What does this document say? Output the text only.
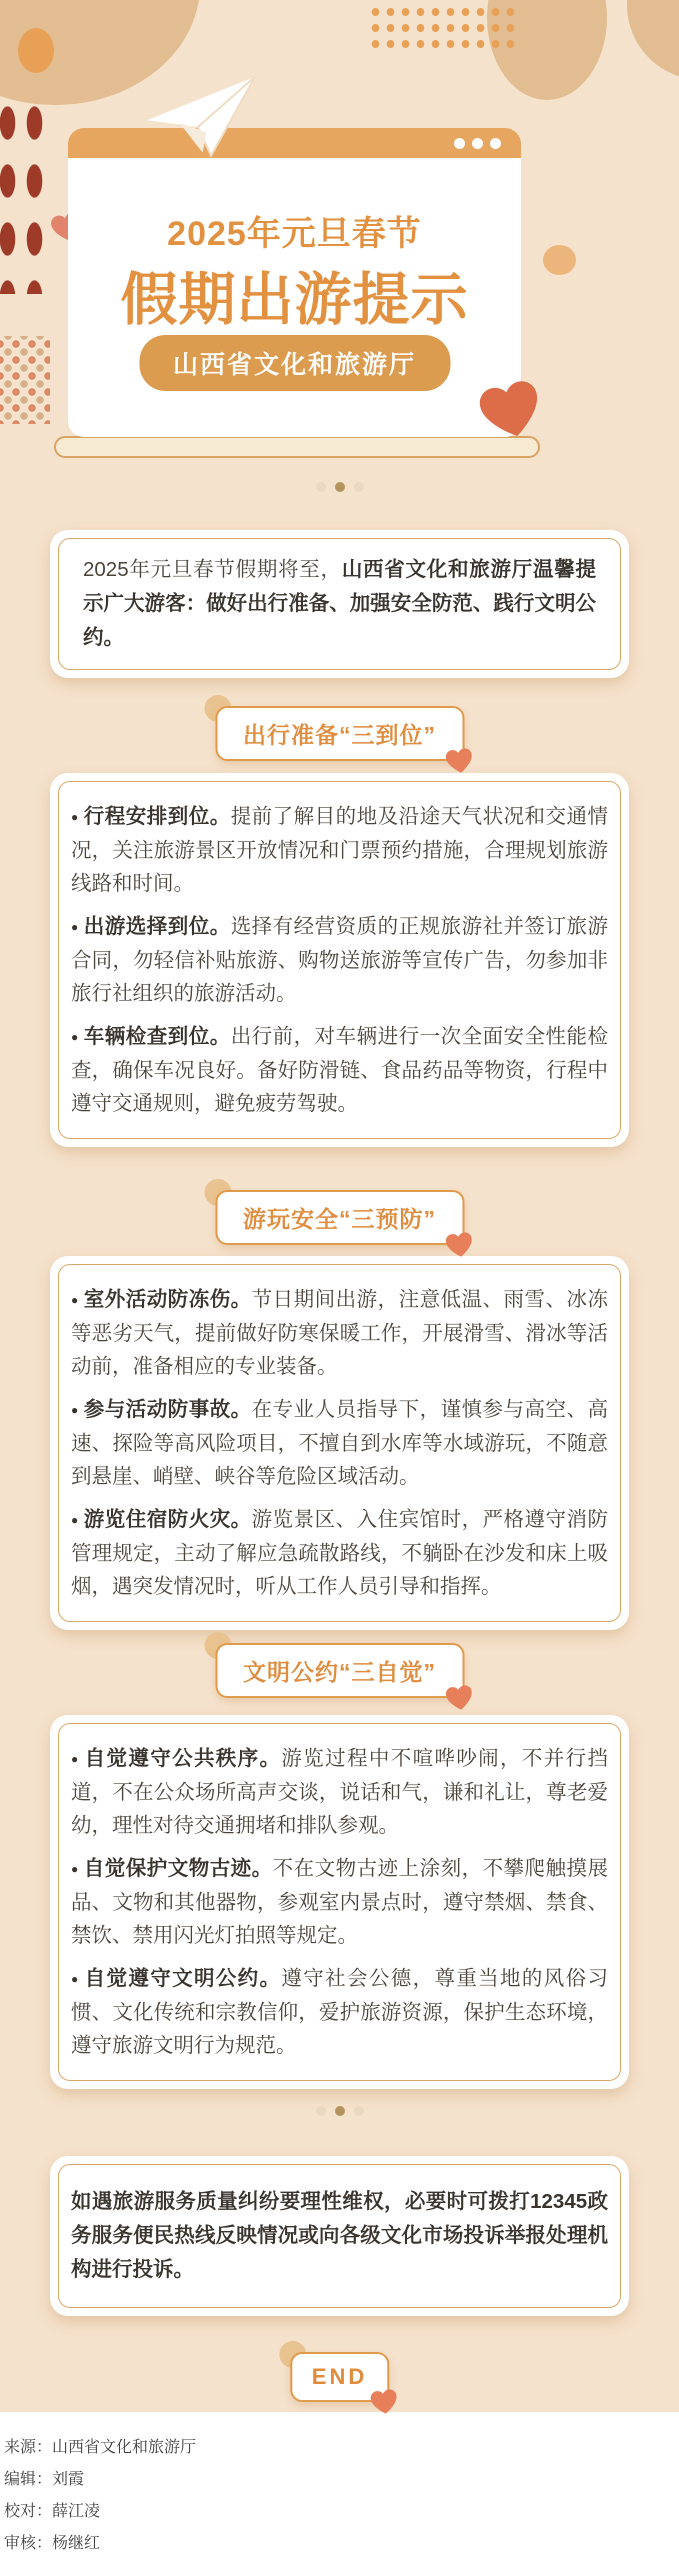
2025年元旦春节
假期出游提示
山西省文化和旅游厅

2025年元旦春节假期将至，山西省文化和旅游厅温馨提示广大游客：做好出行准备、加强安全防范、践行文明公约。

出行准备“三到位”

● 行程安排到位。提前了解目的地及沿途天气状况和交通情况，关注旅游景区开放情况和门票预约措施，合理规划旅游线路和时间。

● 出游选择到位。选择有经营资质的正规旅游社并签订旅游合同，勿轻信补贴旅游、购物送旅游等宣传广告，勿参加非旅行社组织的旅游活动。

● 车辆检查到位。出行前，对车辆进行一次全面安全性能检查，确保车况良好。备好防滑链、食品药品等物资，行程中遵守交通规则，避免疲劳驾驶。

游玩安全“三预防”

● 室外活动防冻伤。节日期间出游，注意低温、雨雪、冰冻等恶劣天气，提前做好防寒保暖工作，开展滑雪、滑冰等活动前，准备相应的专业装备。

● 参与活动防事故。在专业人员指导下，谨慎参与高空、高速、探险等高风险项目，不擅自到水库等水域游玩，不随意到悬崖、峭壁、峡谷等危险区域活动。

● 游览住宿防火灾。游览景区、入住宾馆时，严格遵守消防管理规定，主动了解应急疏散路线，不躺卧在沙发和床上吸烟，遇突发情况时，听从工作人员引导和指挥。

文明公约“三自觉”

● 自觉遵守公共秩序。游览过程中不喧哗吵闹，不并行挡道，不在公众场所高声交谈，说话和气，谦和礼让，尊老爱幼，理性对待交通拥堵和排队参观。

● 自觉保护文物古迹。不在文物古迹上涂刻，不攀爬触摸展品、文物和其他器物，参观室内景点时，遵守禁烟、禁食、禁饮、禁用闪光灯拍照等规定。

● 自觉遵守文明公约。遵守社会公德，尊重当地的风俗习惯、文化传统和宗教信仰，爱护旅游资源，保护生态环境，遵守旅游文明行为规范。

如遇旅游服务质量纠纷要理性维权，必要时可拨打12345政务服务便民热线反映情况或向各级文化市场投诉举报处理机构进行投诉。

END
来源：山西省文化和旅游厅
编辑：刘霞
校对：薛江凌
审核：杨继红
